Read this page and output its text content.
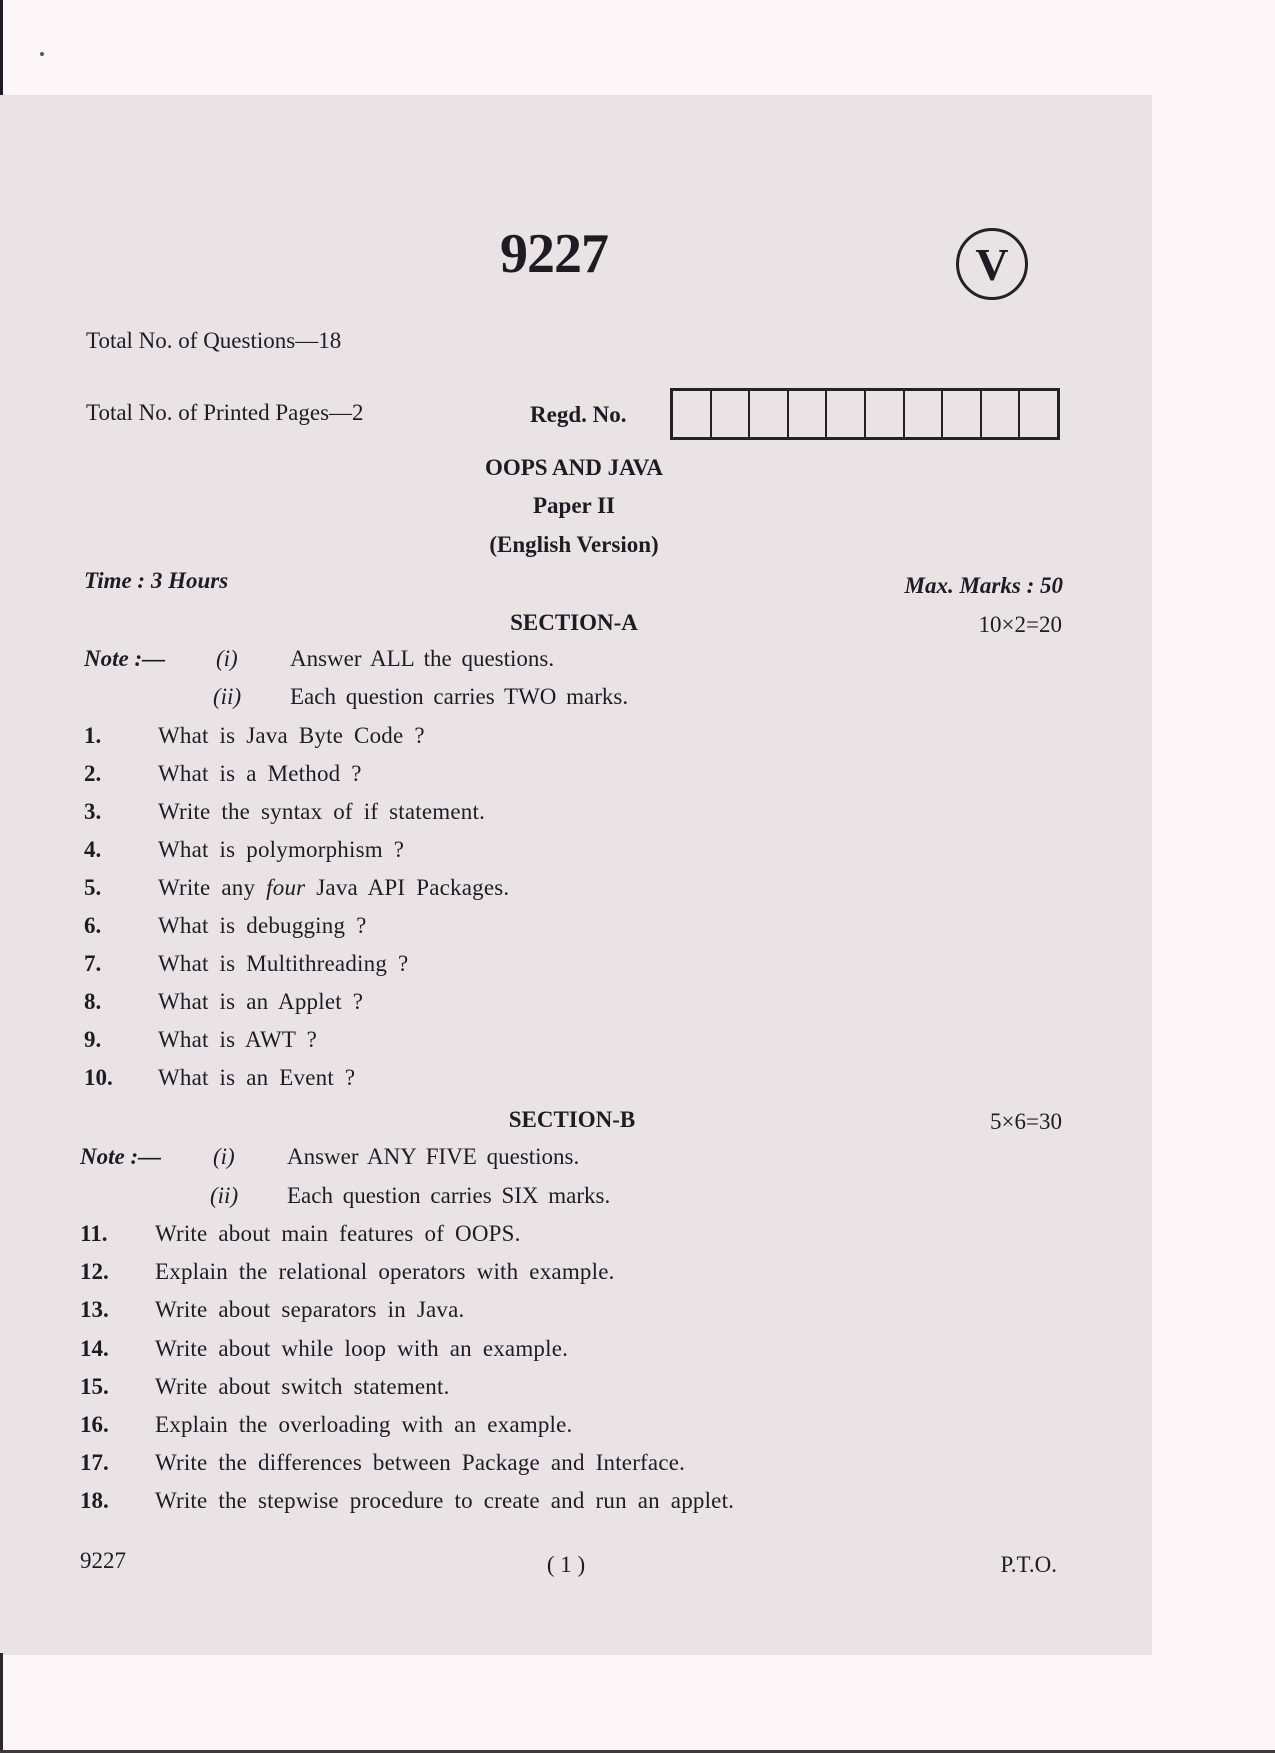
9227	V
Total No. of Questions—18
Total No. of Printed Pages—2	Regd. No.
OOPS AND JAVA
Paper II
(English Version)
Time : 3 Hours	Max. Marks : 50
SECTION-A	10×2=20
Note :— (i) Answer ALL the questions.
(ii) Each question carries TWO marks.
1. What is Java Byte Code ?
2. What is a Method ?
3. Write the syntax of if statement.
4. What is polymorphism ?
5. Write any four Java API Packages.
6. What is debugging ?
7. What is Multithreading ?
8. What is an Applet ?
9. What is AWT ?
10. What is an Event ?
SECTION-B	5×6=30
Note :— (i) Answer ANY FIVE questions.
(ii) Each question carries SIX marks.
11. Write about main features of OOPS.
12. Explain the relational operators with example.
13. Write about separators in Java.
14. Write about while loop with an example.
15. Write about switch statement.
16. Explain the overloading with an example.
17. Write the differences between Package and Interface.
18. Write the stepwise procedure to create and run an applet.
9227	( 1 )	P.T.O.
